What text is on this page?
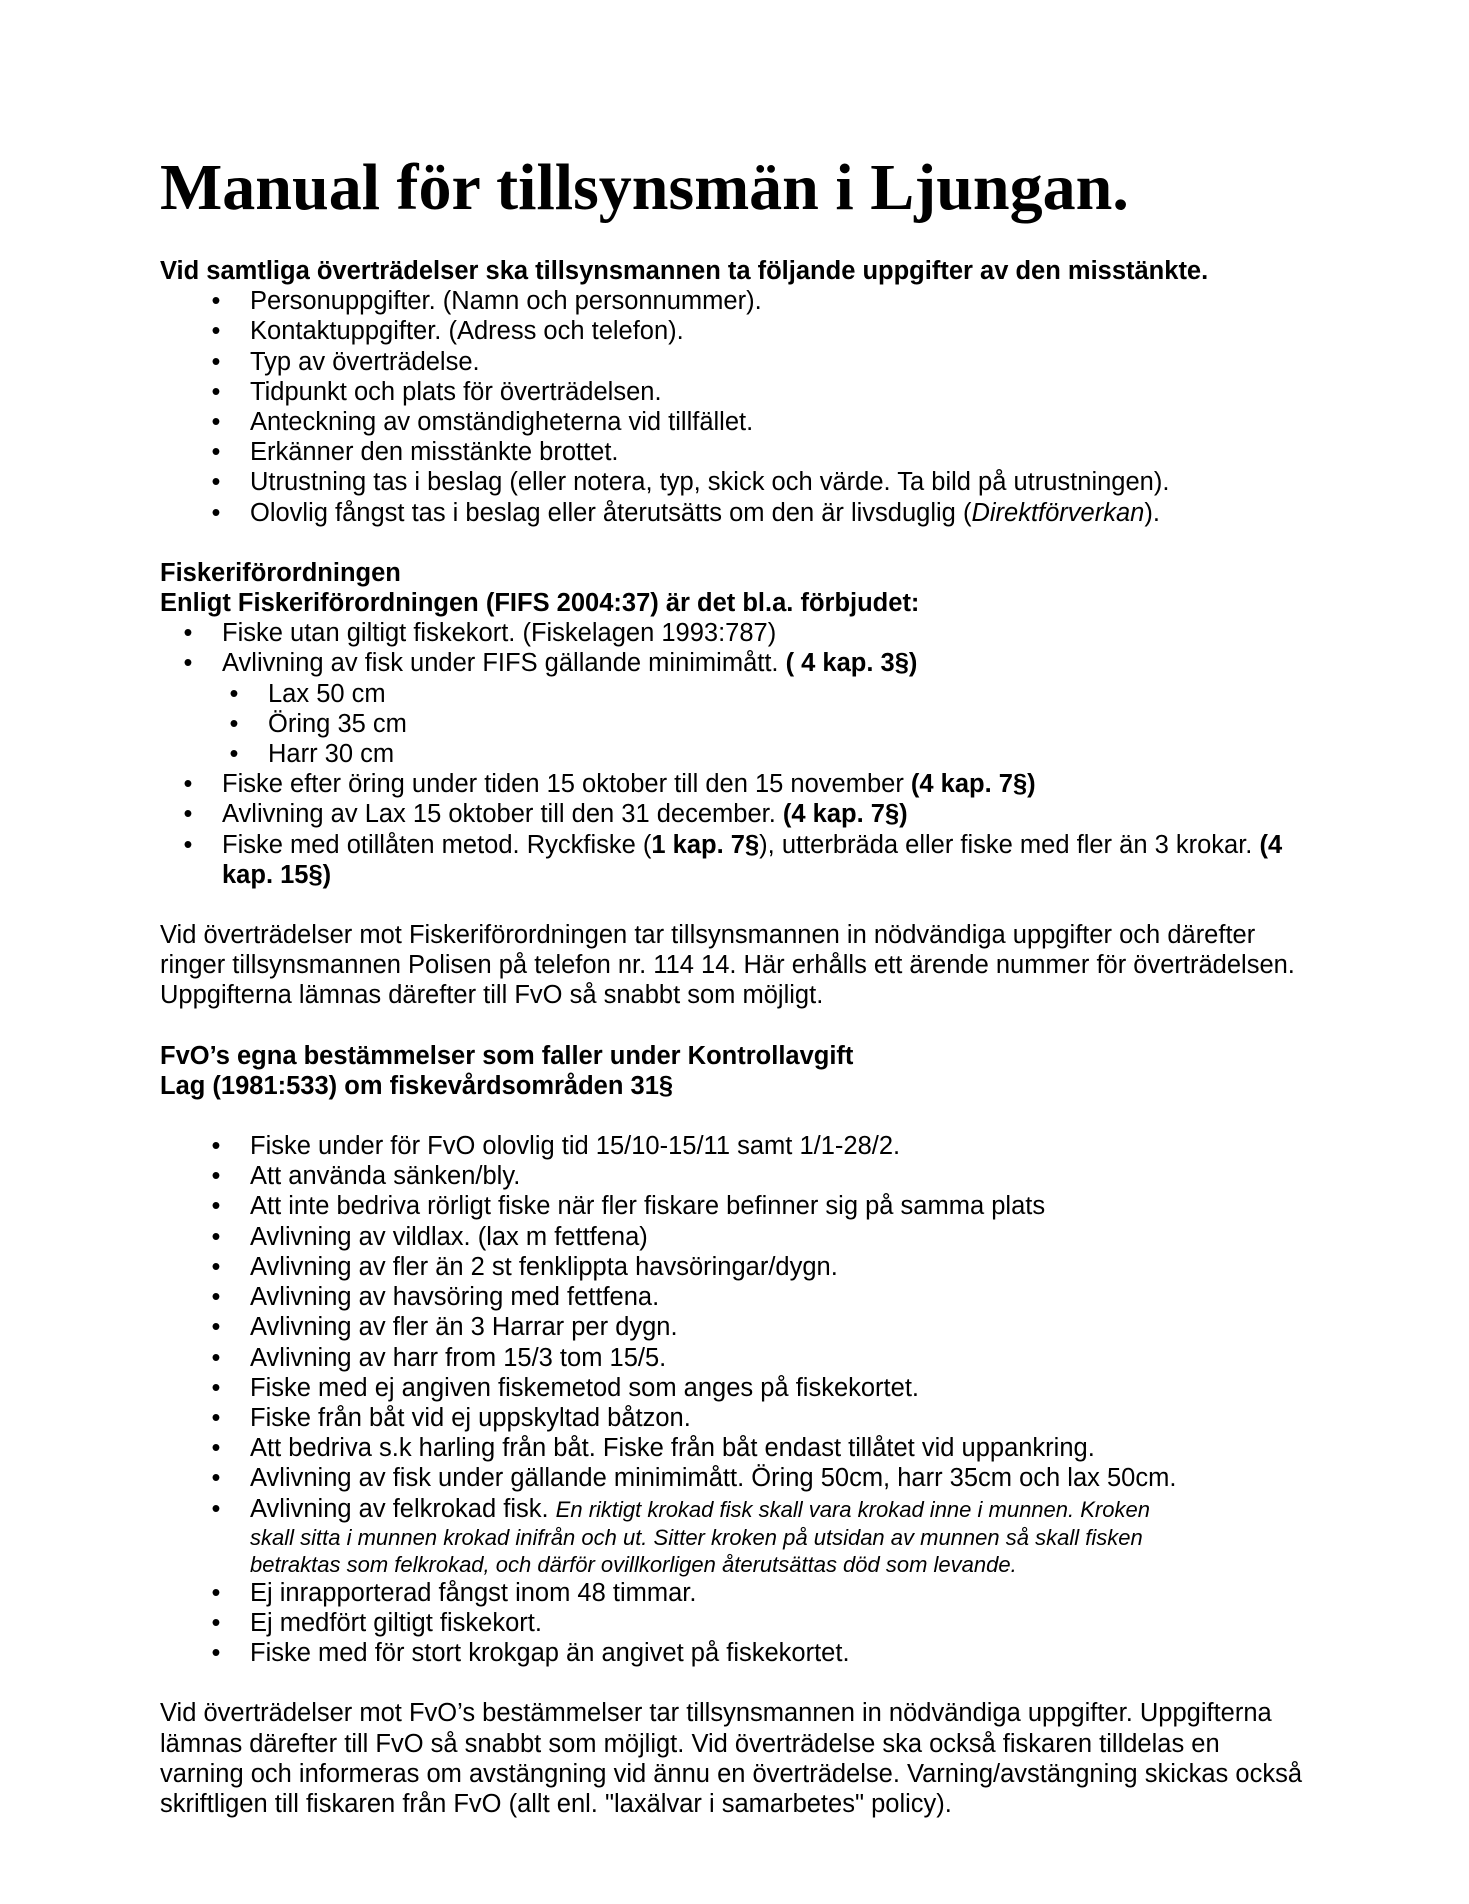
Manual för tillsynsmän i Ljungan.

Vid samtliga överträdelser ska tillsynsmannen ta följande uppgifter av den misstänkte.

• Personuppgifter. (Namn och personnummer).
• Kontaktuppgifter. (Adress och telefon).
• Typ av överträdelse.
• Tidpunkt och plats för överträdelsen.
• Anteckning av omständigheterna vid tillfället.
• Erkänner den misstänkte brottet.
• Utrustning tas i beslag (eller notera, typ, skick och värde. Ta bild på utrustningen).
• Olovlig fångst tas i beslag eller återutsätts om den är livsduglig (Direktförverkan).

Fiskeriförordningen

Enligt Fiskeriförordningen (FIFS 2004:37) är det bl.a. förbjudet:

• Fiske utan giltigt fiskekort. (Fiskelagen 1993:787)
• Avlivning av fisk under FIFS gällande minimimått. ( 4 kap. 3§)
• Lax 50 cm
• Öring 35 cm
• Harr 30 cm
• Fiske efter öring under tiden 15 oktober till den 15 november (4 kap. 7§)
• Avlivning av Lax 15 oktober till den 31 december. (4 kap. 7§)
• Fiske med otillåten metod. Ryckfiske (1 kap. 7§), utterbräda eller fiske med fler än 3 krokar. (4 kap. 15§)

Vid överträdelser mot Fiskeriförordningen tar tillsynsmannen in nödvändiga uppgifter och därefter ringer tillsynsmannen Polisen på telefon nr. 114 14. Här erhålls ett ärende nummer för överträdelsen. Uppgifterna lämnas därefter till FvO så snabbt som möjligt.

FvO’s egna bestämmelser som faller under Kontrollavgift

Lag (1981:533) om fiskevårdsområden 31§

• Fiske under för FvO olovlig tid 15/10-15/11 samt 1/1-28/2.
• Att använda sänken/bly.
• Att inte bedriva rörligt fiske när fler fiskare befinner sig på samma plats
• Avlivning av vildlax. (lax m fettfena)
• Avlivning av fler än 2 st fenklippta havsöringar/dygn.
• Avlivning av havsöring med fettfena.
• Avlivning av fler än 3 Harrar per dygn.
• Avlivning av harr from 15/3 tom 15/5.
• Fiske med ej angiven fiskemetod som anges på fiskekortet.
• Fiske från båt vid ej uppskyltad båtzon.
• Att bedriva s.k harling från båt. Fiske från båt endast tillåtet vid uppankring.
• Avlivning av fisk under gällande minimimått. Öring 50cm, harr 35cm och lax 50cm.
• Avlivning av felkrokad fisk. En riktigt krokad fisk skall vara krokad inne i munnen. Kroken
skall sitta i munnen krokad inifrån och ut. Sitter kroken på utsidan av munnen så skall fisken
betraktas som felkrokad, och därför ovillkorligen återutsättas död som levande.
• Ej inrapporterad fångst inom 48 timmar.
• Ej medfört giltigt fiskekort.
• Fiske med för stort krokgap än angivet på fiskekortet.

Vid överträdelser mot FvO’s bestämmelser tar tillsynsmannen in nödvändiga uppgifter. Uppgifterna lämnas därefter till FvO så snabbt som möjligt. Vid överträdelse ska också fiskaren tilldelas en varning och informeras om avstängning vid ännu en överträdelse. Varning/avstängning skickas också skriftligen till fiskaren från FvO (allt enl. "laxälvar i samarbetes" policy).
